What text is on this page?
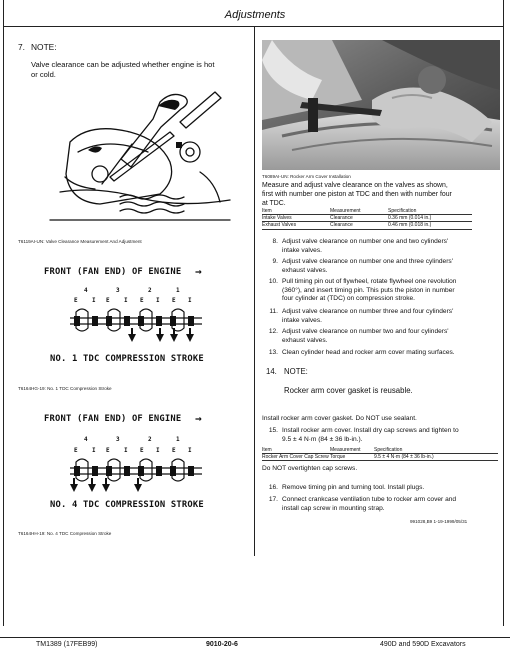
Adjustments
7. NOTE:
Valve clearance can be adjusted whether engine is hot
or cold.
T6119AI-UN: Valve Clearance Measurement And Adjustment
FRONT (FAN END) OF ENGINE →
4	3	2	1
E I E I E I E I
NO. 1 TDC COMPRESSION STROKE
T6164HG-19: No. 1 TDC Compression Stroke
FRONT (FAN END) OF ENGINE →
4	3	2	1
E I E I E I E I
NO. 4 TDC COMPRESSION STROKE
T6164HH-19: No. 4 TDC Compression Stroke
T6089AI-UN: Rocker Arm Cover Installation
Measure and adjust valve clearance on the valves as shown,
first with number one piston at TDC and then with number four
at TDC.
Item	Measurement	Specification
Intake Valves	Clearance	0.36 mm (0.014 in.)
Exhaust Valves	Clearance	0.46 mm (0.018 in.)
8. Adjust valve clearance on number one and two cylinders'
intake valves.
9. Adjust valve clearance on number one and three cylinders'
exhaust valves.
10. Pull timing pin out of flywheel, rotate flywheel one revolution
(360°), and insert timing pin. This puts the piston in number
four cylinder at (TDC) on compression stroke.
11. Adjust valve clearance on number three and four cylinders'
intake valves.
12. Adjust valve clearance on number two and four cylinders'
exhaust valves.
13. Clean cylinder head and rocker arm cover mating surfaces.
14. NOTE:
Rocker arm cover gasket is reusable.
Install rocker arm cover gasket. Do NOT use sealant.
15. Install rocker arm cover. Install dry cap screws and tighten to
9.5 ± 4 N·m (84 ± 36 lb-in.).
Item	Measurement	Specification
Rocker Arm Cover Cap Screw	Torque	9.5 ± 4 N·m (84 ± 36 lb-in.)
Do NOT overtighten cap screws.
16. Remove timing pin and turning tool. Install plugs.
17. Connect crankcase ventilation tube to rocker arm cover and
install cap screw in mounting strap.
991028,B9 1-19-1999/05/31
TM1389 (17FEB99)	9010-20-6	490D and 590D Excavators
